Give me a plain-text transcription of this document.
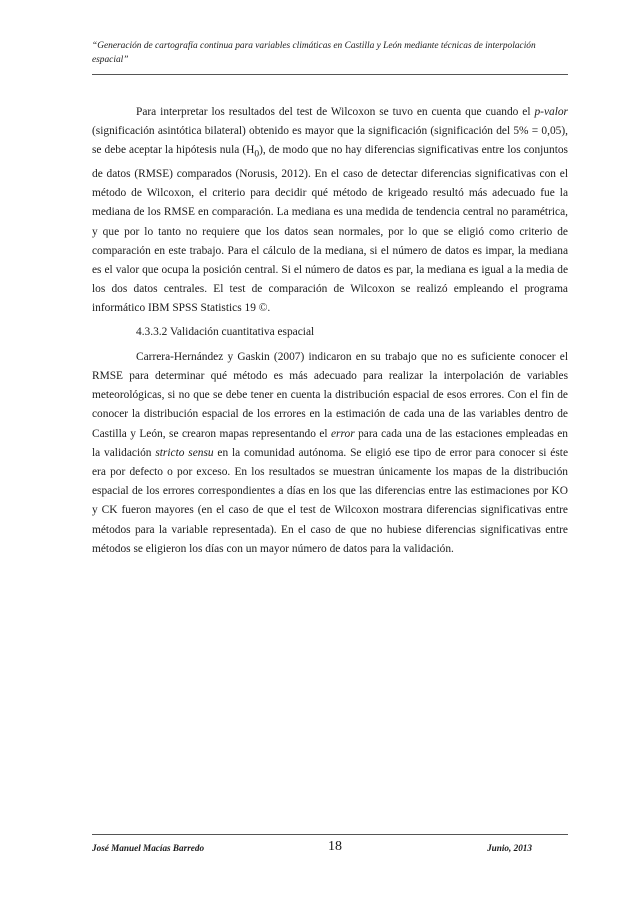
“Generación de cartografía continua para variables climáticas en Castilla y León mediante técnicas de interpolación espacial”

Para interpretar los resultados del test de Wilcoxon se tuvo en cuenta que cuando el p-valor (significación asintótica bilateral) obtenido es mayor que la significación (significación del 5% = 0,05), se debe aceptar la hipótesis nula $(H_0)$, de modo que no hay diferencias significativas entre los conjuntos de datos (RMSE) comparados (Norusis, 2012). En el caso de detectar diferencias significativas con el método de Wilcoxon, el criterio para decidir qué método de krigeado resultó más adecuado fue la mediana de los RMSE en comparación. La mediana es una medida de tendencia central no paramétrica, y que por lo tanto no requiere que los datos sean normales, por lo que se eligió como criterio de comparación en este trabajo. Para el cálculo de la mediana, si el número de datos es impar, la mediana es el valor que ocupa la posición central. Si el número de datos es par, la mediana es igual a la media de los dos datos centrales. El test de comparación de Wilcoxon se realizó empleando el programa informático IBM SPSS Statistics 19 ©.

4.3.3.2 Validación cuantitativa espacial

Carrera-Hernández y Gaskin (2007) indicaron en su trabajo que no es suficiente conocer el RMSE para determinar qué método es más adecuado para realizar la interpolación de variables meteorológicas, si no que se debe tener en cuenta la distribución espacial de esos errores. Con el fin de conocer la distribución espacial de los errores en la estimación de cada una de las variables dentro de Castilla y León, se crearon mapas representando el error para cada una de las estaciones empleadas en la validación stricto sensu en la comunidad autónoma. Se eligió ese tipo de error para conocer si éste era por defecto o por exceso. En los resultados se muestran únicamente los mapas de la distribución espacial de los errores correspondientes a días en los que las diferencias entre las estimaciones por KO y CK fueron mayores (en el caso de que el test de Wilcoxon mostrara diferencias significativas entre métodos para la variable representada). En el caso de que no hubiese diferencias significativas entre métodos se eligieron los días con un mayor número de datos para la validación.

José Manuel Macías Barredo	18	Junio, 2013
